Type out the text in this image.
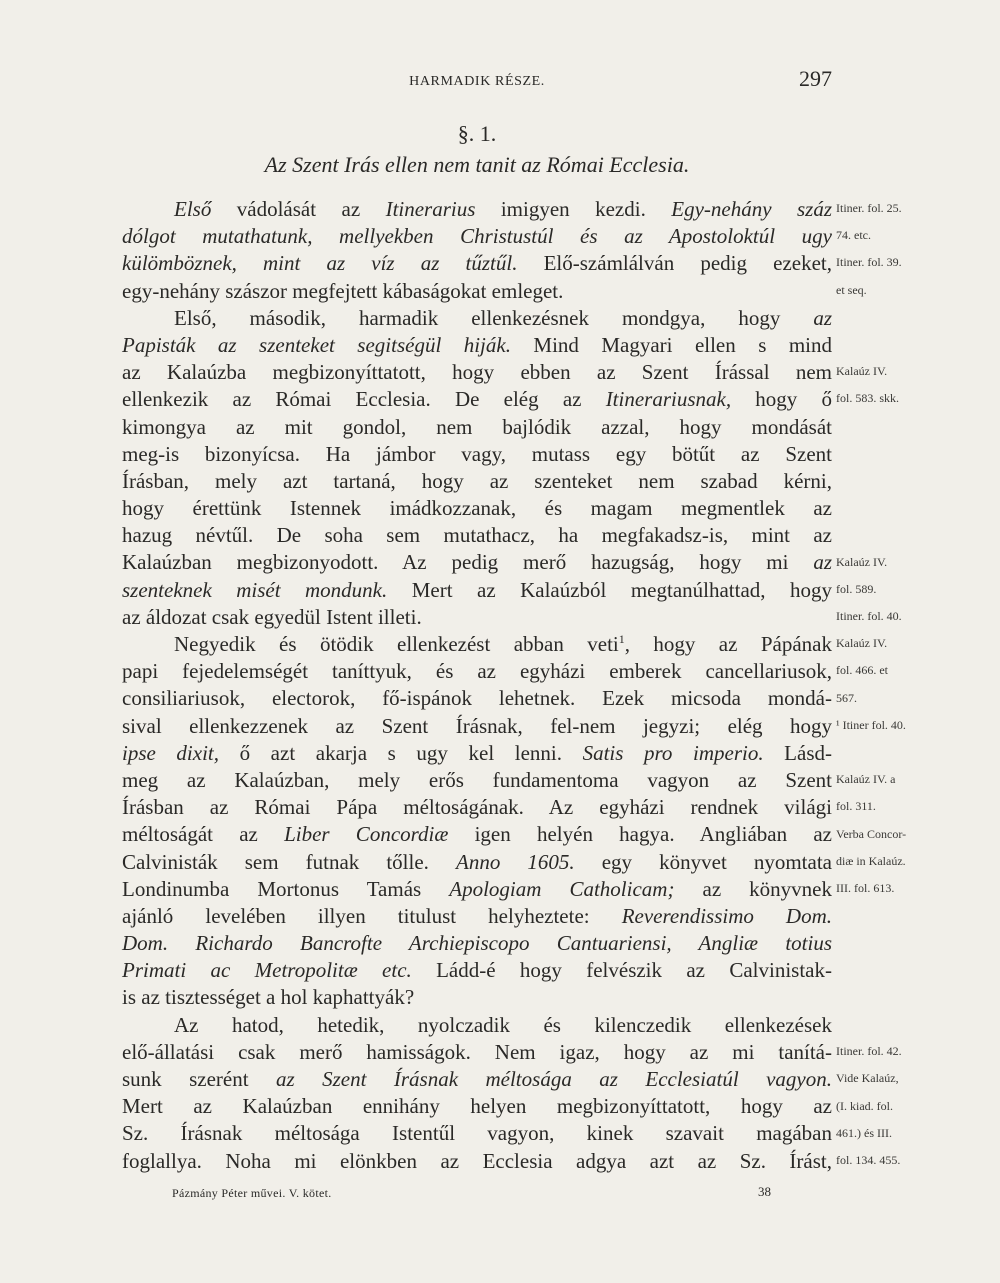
HARMADIK RÉSZE.	297
§. 1.
Az Szent Irás ellen nem tanit az Római Ecclesia.
Első vádolását az Itinerarius imigyen kezdi. Egy-nehány száz
dólgot mutathatunk, mellyekben Christustúl és az Apostoloktúl ugy
külömböznek, mint az víz az tűztűl. Elő-számlálván pedig ezeket,
egy-nehány szászor megfejtett kábaságokat emleget.
Első, második, harmadik ellenkezésnek mondgya, hogy az
Papisták az szenteket segitségül hiják. Mind Magyari ellen s mind
az Kalaúzba megbizonyíttatott, hogy ebben az Szent Írással nem
ellenkezik az Római Ecclesia. De elég az Itinerariusnak, hogy ő
kimongya az mit gondol, nem bajlódik azzal, hogy mondását
meg-is bizonyícsa. Ha jámbor vagy, mutass egy bötűt az Szent
Írásban, mely azt tartaná, hogy az szenteket nem szabad kérni,
hogy érettünk Istennek imádkozzanak, és magam megmentlek az
hazug névtűl. De soha sem mutathacz, ha megfakadsz-is, mint az
Kalaúzban megbizonyodott. Az pedig merő hazugság, hogy mi az
szenteknek misét mondunk. Mert az Kalaúzból megtanúlhattad, hogy
az áldozat csak egyedül Istent illeti.
Negyedik és ötödik ellenkezést abban veti$^1$, hogy az Pápának
papi fejedelemségét taníttyuk, és az egyházi emberek cancellariusok,
consiliariusok, electorok, fő-ispánok lehetnek. Ezek micsoda mondá-
sival ellenkezzenek az Szent Írásnak, fel-nem jegyzi; elég hogy
ipse dixit, ő azt akarja s ugy kel lenni. Satis pro imperio. Lásd-
meg az Kalaúzban, mely erős fundamentoma vagyon az Szent
Írásban az Római Pápa méltoságának. Az egyházi rendnek világi
méltoságát az Liber Concordiæ igen helyén hagya. Angliában az
Calvinisták sem futnak tőlle. Anno 1605. egy könyvet nyomtata
Londinumba Mortonus Tamás Apologiam Catholicam; az könyvnek
ajánló levelében illyen titulust helyheztete: Reverendissimo Dom.
Dom. Richardo Bancrofte Archiepiscopo Cantuariensi, Angliæ totius
Primati ac Metropolitæ etc. Ládd-é hogy felvészik az Calvinistak-
is az tisztességet a hol kaphattyák?
Az hatod, hetedik, nyolczadik és kilenczedik ellenkezések
elő-állatási csak merő hamisságok. Nem igaz, hogy az mi tanítá-
sunk szerént az Szent Írásnak méltosága az Ecclesiatúl vagyon.
Mert az Kalaúzban ennihány helyen megbizonyíttatott, hogy az
Sz. Írásnak méltosága Istentűl vagyon, kinek szavait magában
foglallya. Noha mi elönkben az Ecclesia adgya azt az Sz. Írást,
Itiner. fol. 25.
74. etc.
Itiner. fol. 39.
et seq.
Kalaúz IV.
fol. 583. skk.
Kalaúz IV.
fol. 589.
Itiner. fol. 40.
Kalaúz IV.
fol. 466. et
567.
¹ Itiner fol. 40.
Kalaúz IV. a
fol. 311.
Verba Concor-
diæ in Kalaúz.
III. fol. 613.
Itiner. fol. 42.
Vide Kalaúz,
(I. kiad. fol.
461.) és III.
fol. 134. 455.
Pázmány Péter művei. V. kötet.	38
